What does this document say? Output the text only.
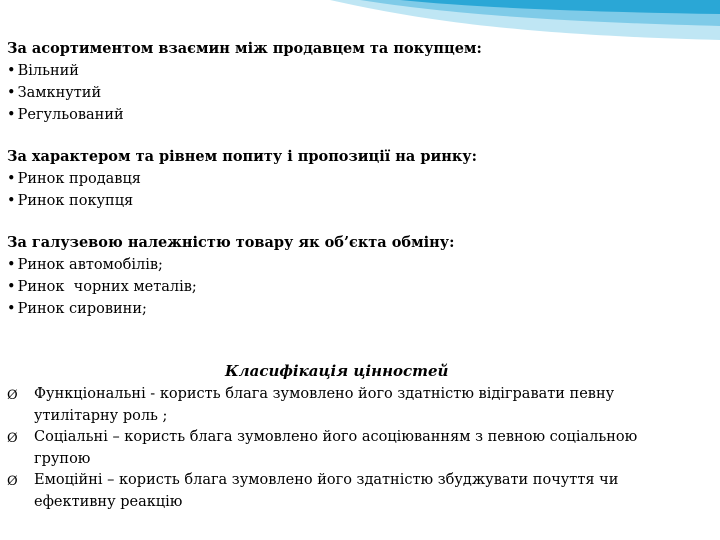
За асортиментом взаємин між продавцем та покупцем:
• Вільний
• Замкнутий
• Регульований
За характером та рівнем попиту і пропозиції на ринку:
• Ринок продавця
• Ринок покупця
За галузевою належністю товару як об’єкта обміну:
• Ринок автомобілів;
• Ринок  чорних металів;
• Ринок сировини;
Класифікація цінностей
Ø	Функціональні - користь блага зумовлено його здатністю відігравати певну утилітарну роль ;
Ø	Соціальні – користь блага зумовлено його асоціюванням з певною соціальною групою
Ø	Емоційні – користь блага зумовлено його здатністю збуджувати почуття чи ефективну реакцію
